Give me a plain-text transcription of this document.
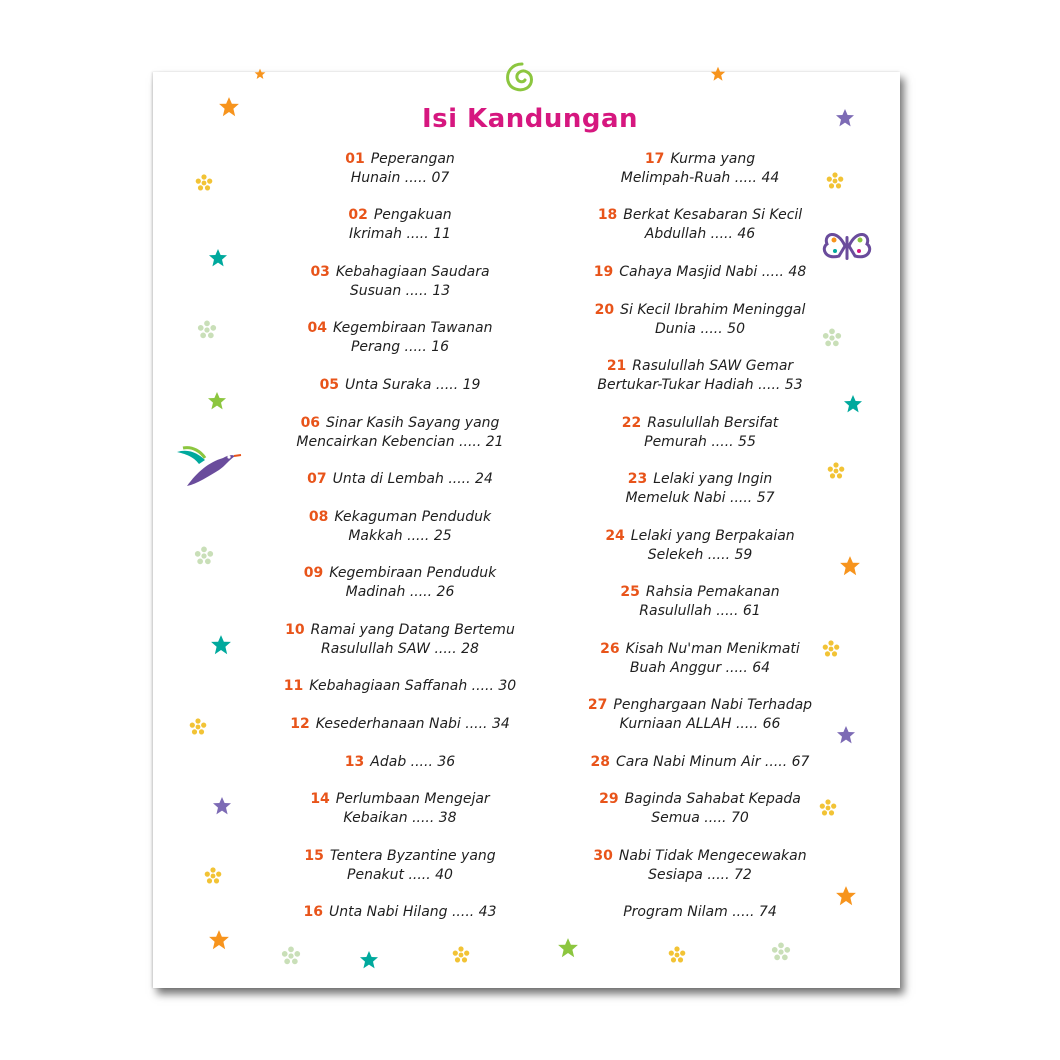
Isi Kandungan
01 Peperangan
Hunain ..... 07
02 Pengakuan
Ikrimah ..... 11
03 Kebahagiaan Saudara
Susuan ..... 13
04 Kegembiraan Tawanan
Perang ..... 16
05 Unta Suraka ..... 19
06 Sinar Kasih Sayang yang
Mencairkan Kebencian ..... 21
07 Unta di Lembah ..... 24
08 Kekaguman Penduduk
Makkah ..... 25
09 Kegembiraan Penduduk
Madinah ..... 26
10 Ramai yang Datang Bertemu
Rasulullah SAW ..... 28
11 Kebahagiaan Saffanah ..... 30
12 Kesederhanaan Nabi ..... 34
13 Adab ..... 36
14 Perlumbaan Mengejar
Kebaikan ..... 38
15 Tentera Byzantine yang
Penakut ..... 40
16 Unta Nabi Hilang ..... 43
17 Kurma yang
Melimpah-Ruah ..... 44
18 Berkat Kesabaran Si Kecil
Abdullah ..... 46
19 Cahaya Masjid Nabi ..... 48
20 Si Kecil Ibrahim Meninggal
Dunia ..... 50
21 Rasulullah SAW Gemar
Bertukar-Tukar Hadiah ..... 53
22 Rasulullah Bersifat
Pemurah ..... 55
23 Lelaki yang Ingin
Memeluk Nabi ..... 57
24 Lelaki yang Berpakaian
Selekeh ..... 59
25 Rahsia Pemakanan
Rasulullah ..... 61
26 Kisah Nu'man Menikmati
Buah Anggur ..... 64
27 Penghargaan Nabi Terhadap
Kurniaan ALLAH ..... 66
28 Cara Nabi Minum Air ..... 67
29 Baginda Sahabat Kepada
Semua ..... 70
30 Nabi Tidak Mengecewakan
Sesiapa ..... 72
Program Nilam ..... 74
